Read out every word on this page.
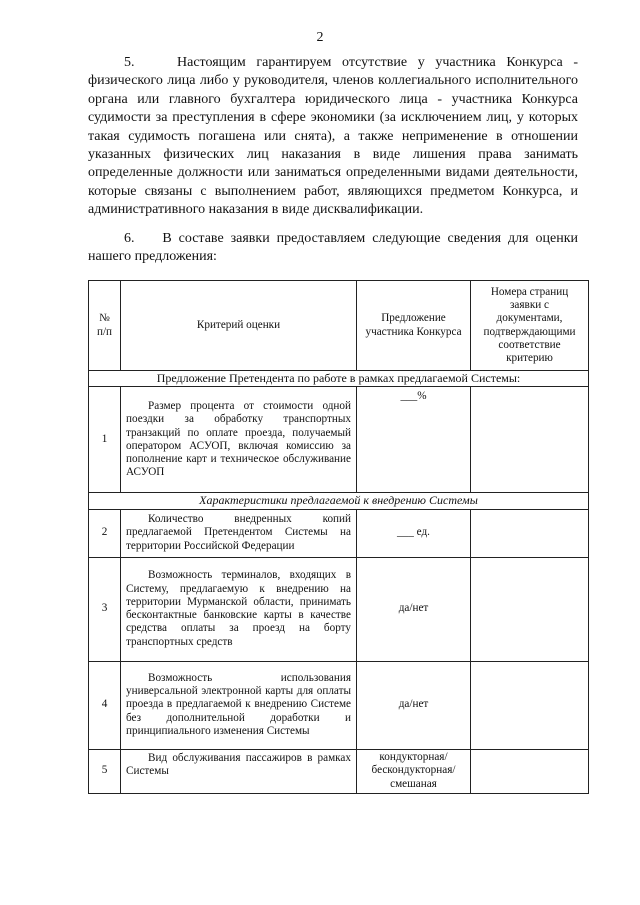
2

5.    Настоящим гарантируем отсутствие у участника Конкурса - физического лица либо у руководителя, членов коллегиального исполнительного органа или главного бухгалтера юридического лица - участника Конкурса судимости за преступления в сфере экономики (за исключением лиц, у которых такая судимость погашена или снята), а также неприменение в отношении указанных физических лиц наказания в виде лишения права занимать определенные должности или заниматься определенными видами деятельности, которые связаны с выполнением работ, являющихся предметом Конкурса, и административного наказания в виде дисквалификации.

6.    В составе заявки предоставляем следующие сведения для оценки нашего предложения:

№ п/п	Критерий оценки	Предложение участника Конкурса	Номера страниц заявки с документами, подтверждающими соответствие критерию
Предложение Претендента по работе в рамках предлагаемой Системы:			
1	Размер процента от стоимости одной поездки за обработку транспортных транзакций по оплате проезда, получаемый оператором АСУОП, включая комиссию за пополнение карт и техническое обслуживание АСУОП	___%	
Характеристики предлагаемой к внедрению Системы			
2	Количество внедренных копий предлагаемой Претендентом Системы на территории Российской Федерации	___ ед.	
3	Возможность терминалов, входящих в Систему, предлагаемую к внедрению на территории Мурманской области, принимать бесконтактные банковские карты в качестве средства оплаты за проезд на борту транспортных средств	да/нет	
4	Возможность использования универсальной электронной карты для оплаты проезда в предлагаемой к внедрению Системе без дополнительной доработки и принципиального изменения Системы	да/нет	
5	Вид обслуживания пассажиров в рамках Системы	кондукторная/ бескондукторная/ смешаная	
